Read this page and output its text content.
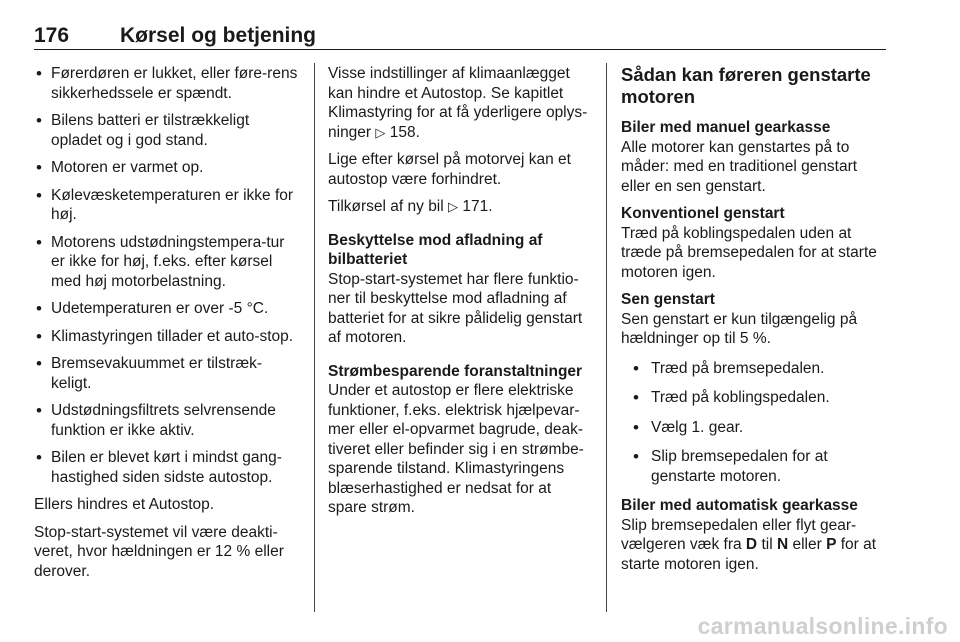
176 Kørsel og betjening
• Førerdøren er lukket, eller føre-rens sikkerhedssele er spændt.
• Bilens batteri er tilstrækkeligt opladet og i god stand.
• Motoren er varmet op.
• Kølevæsketemperaturen er ikke for høj.
• Motorens udstødningstempera-tur er ikke for høj, f.eks. efter kørsel med høj motorbelastning.
• Udetemperaturen er over -5 °C.
• Klimastyringen tillader et auto-stop.
• Bremsevakuummet er tilstræk-keligt.
• Udstødningsfiltrets selvrensende funktion er ikke aktiv.
• Bilen er blevet kørt i mindst gang-hastighed siden sidste autostop.

Ellers hindres et Autostop.

Stop-start-systemet vil være deakti-veret, hvor hældningen er 12 % eller derover.

Visse indstillinger af klimaanlægget kan hindre et Autostop. Se kapitlet Klimastyring for at få yderligere oplys-ninger ▷ 158.

Lige efter kørsel på motorvej kan et autostop være forhindret.

Tilkørsel af ny bil ▷ 171.

Beskyttelse mod afladning af bilbatteriet

Stop-start-systemet har flere funktio-ner til beskyttelse mod afladning af batteriet for at sikre pålidelig genstart af motoren.

Strømbesparende foranstaltninger

Under et autostop er flere elektriske funktioner, f.eks. elektrisk hjælpevar-mer eller el-opvarmet bagrude, deak-tiveret eller befinder sig i en strømbe-sparende tilstand. Klimastyringens blæserhastighed er nedsat for at spare strøm.

Sådan kan føreren genstarte motoren
Biler med manuel gearkasse

Alle motorer kan genstartes på to måder: med en traditionel genstart eller en sen genstart.

Konventionel genstart

Træd på koblingspedalen uden at træde på bremsepedalen for at starte motoren igen.

Sen genstart

Sen genstart er kun tilgængelig på hældninger op til 5 %.

• Træd på bremsepedalen.
• Træd på koblingspedalen.
• Vælg 1. gear.
• Slip bremsepedalen for at genstarte motoren.
Biler med automatisk gearkasse

Slip bremsepedalen eller flyt gear-vælgeren væk fra D til N eller P for at starte motoren igen.

carmanualsonline.info
